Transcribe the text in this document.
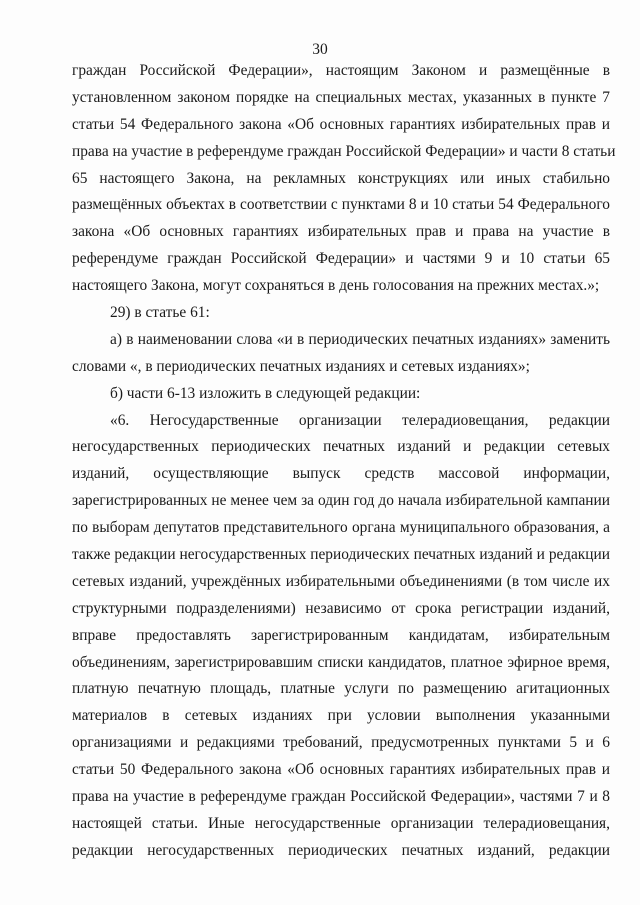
30
граждан Российской Федерации», настоящим Законом и размещённые в
установленном законом порядке на специальных местах, указанных в пункте 7
статьи 54 Федерального закона «Об основных гарантиях избирательных прав и
права на участие в референдуме граждан Российской Федерации» и части 8 статьи
65 настоящего Закона, на рекламных конструкциях или иных стабильно
размещённых объектах в соответствии с пунктами 8 и 10 статьи 54 Федерального
закона «Об основных гарантиях избирательных прав и права на участие в
референдуме граждан Российской Федерации» и частями 9 и 10 статьи 65
настоящего Закона, могут сохраняться в день голосования на прежних местах.»;
29) в статье 61:
а) в наименовании слова «и в периодических печатных изданиях» заменить
словами «, в периодических печатных изданиях и сетевых изданиях»;
б) части 6-13 изложить в следующей редакции:
«6. Негосударственные организации телерадиовещания, редакции
негосударственных периодических печатных изданий и редакции сетевых
изданий, осуществляющие выпуск средств массовой информации,
зарегистрированных не менее чем за один год до начала избирательной кампании
по выборам депутатов представительного органа муниципального образования, а
также редакции негосударственных периодических печатных изданий и редакции
сетевых изданий, учреждённых избирательными объединениями (в том числе их
структурными подразделениями) независимо от срока регистрации изданий,
вправе предоставлять зарегистрированным кандидатам, избирательным
объединениям, зарегистрировавшим списки кандидатов, платное эфирное время,
платную печатную площадь, платные услуги по размещению агитационных
материалов в сетевых изданиях при условии выполнения указанными
организациями и редакциями требований, предусмотренных пунктами 5 и 6
статьи 50 Федерального закона «Об основных гарантиях избирательных прав и
права на участие в референдуме граждан Российской Федерации», частями 7 и 8
настоящей статьи. Иные негосударственные организации телерадиовещания,
редакции негосударственных периодических печатных изданий, редакции
